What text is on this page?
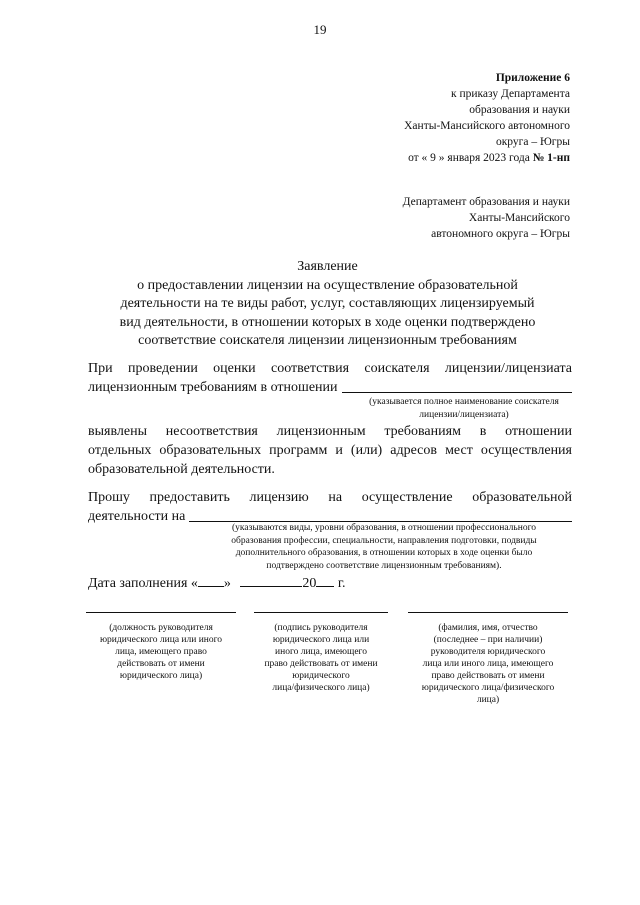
19
Приложение 6
к приказу Департамента
образования и науки
Ханты-Мансийского автономного
округа – Югры
от « 9 » января 2023 года № 1-нп
Департамент образования и науки
Ханты-Мансийского
автономного округа – Югры
Заявление
о предоставлении лицензии на осуществление образовательной
деятельности на те виды работ, услуг, составляющих лицензируемый
вид деятельности, в отношении которых в ходе оценки подтверждено
соответствие соискателя лицензии лицензионным требованиям
При проведении оценки соответствия соискателя лицензии/лицензиата
лицензионным требованиям в отношении
(указывается полное наименование соискателя
лицензии/лицензиата)
выявлены несоответствия лицензионным требованиям в отношении
отдельных образовательных программ и (или) адресов мест осуществления
образовательной деятельности.
Прошу предоставить лицензию на осуществление образовательной
деятельности на
(указываются виды, уровни образования, в отношении профессионального
образования профессии, специальности, направления подготовки, подвиды
дополнительного образования, в отношении которых в ходе оценки было
подтверждено соответствие лицензионным требованиям).
Дата заполнения « »	20 г.
(должность руководителя
юридического лица или иного
лица, имеющего право
действовать от имени
юридического лица)
(подпись руководителя
юридического лица или
иного лица, имеющего
право действовать от имени
юридического
лица/физического лица)
(фамилия, имя, отчество
(последнее – при наличии)
руководителя юридического
лица или иного лица, имеющего
право действовать от имени
юридического лица/физического
лица)
